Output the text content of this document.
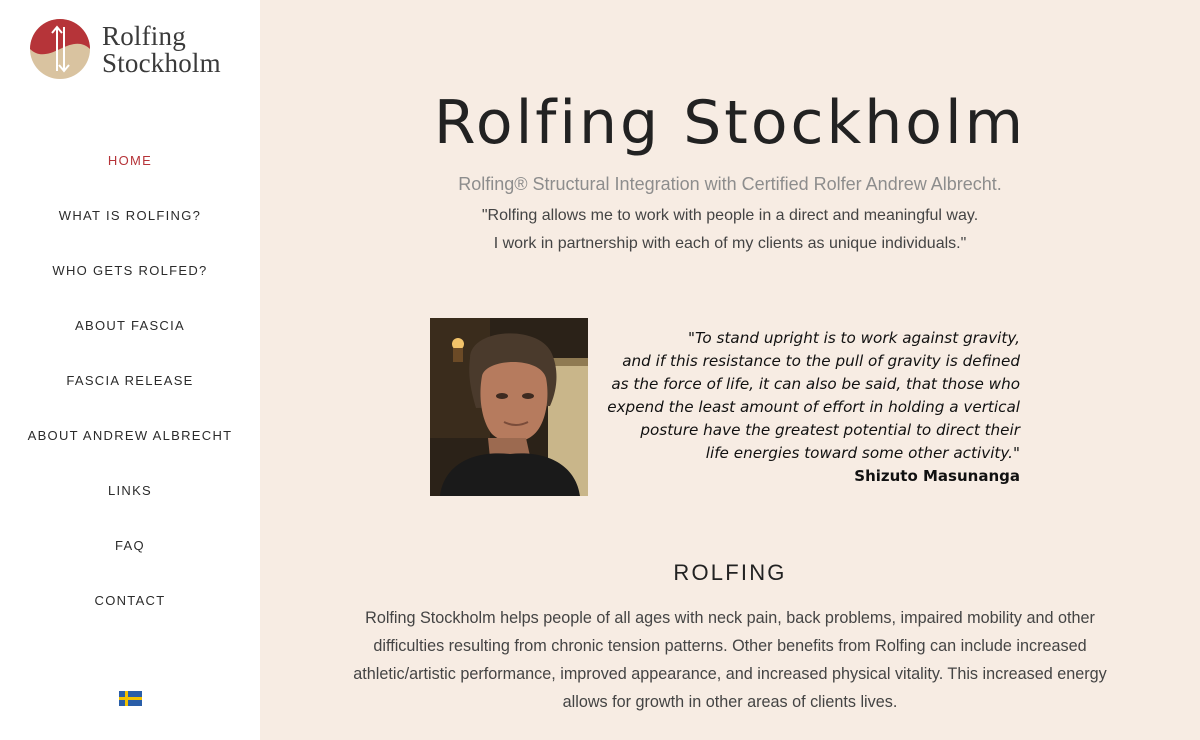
Rolfing
Stockholm
HOME
WHAT IS ROLFING?
WHO GETS ROLFED?
ABOUT FASCIA
FASCIA RELEASE
ABOUT ANDREW ALBRECHT
LINKS
FAQ
CONTACT
Rolfing Stockholm
Rolfing® Structural Integration with Certified Rolfer Andrew Albrecht.
"Rolfing allows me to work with people in a direct and meaningful way.
I work in partnership with each of my clients as unique individuals."
"To stand upright is to work against gravity,
and if this resistance to the pull of gravity is defined
as the force of life, it can also be said, that those who
expend the least amount of effort in holding a vertical
posture have the greatest potential to direct their
life energies toward some other activity."
Shizuto Masunanga
ROLFING

Rolfing Stockholm helps people of all ages with neck pain, back problems, impaired mobility and other difficulties resulting from chronic tension patterns. Other benefits from Rolfing can include increased athletic/artistic performance, improved appearance, and increased physical vitality. This increased energy allows for growth in other areas of clients lives.
